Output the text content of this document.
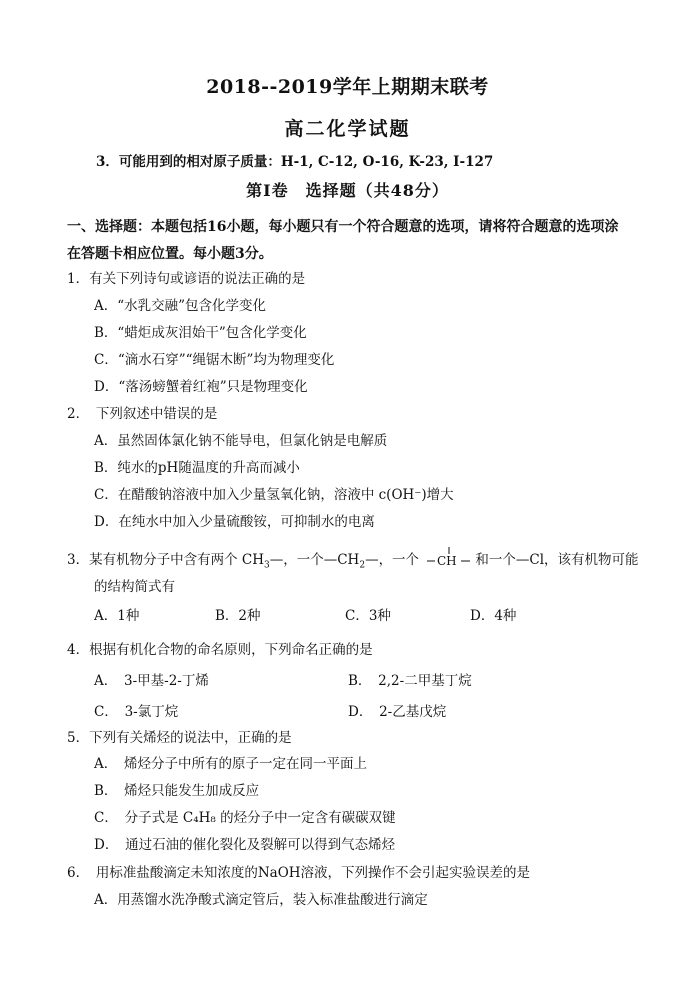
2018--2019学年上期期末联考
高二化学试题
3．可能用到的相对原子质量：H-1, C-12, O-16, K-23, I-127
第Ⅰ卷　选择题（共48分）
一、选择题：本题包括16小题，每小题只有一个符合题意的选项，请将符合题意的选项涂
在答题卡相应位置。每小题3分。
1．有关下列诗句或谚语的说法正确的是
A．“水乳交融”包含化学变化
B．“蜡炬成灰泪始干”包含化学变化
C．“滴水石穿”“绳锯木断”均为物理变化
D．“落汤螃蟹着红袍”只是物理变化
2．　下列叙述中错误的是
A．虽然固体氯化钠不能导电，但氯化钠是电解质
B．纯水的pH随温度的升高而减小
C．在醋酸钠溶液中加入少量氢氧化钠，溶液中 c(OH⁻)增大
D．在纯水中加入少量硫酸铵，可抑制水的电离
3．某有机物分子中含有两个 $CH_3—$，一个$—CH_2—$，一个 CH 和一个—Cl，该有机物可能
的结构简式有
A．1种	B．2种	C．3种	D．4种
4．根据有机化合物的命名原则，下列命名正确的是
A．　3-甲基-2-丁烯	B．　2,2-二甲基丁烷
C．　3-氯丁烷	D．　2-乙基戊烷
5．下列有关烯烃的说法中，正确的是
A．　烯烃分子中所有的原子一定在同一平面上
B．　烯烃只能发生加成反应
C．　分子式是 C₄H₈ 的烃分子中一定含有碳碳双键
D．　通过石油的催化裂化及裂解可以得到气态烯烃
6．　用标准盐酸滴定未知浓度的NaOH溶液，下列操作不会引起实验误差的是
A．用蒸馏水洗净酸式滴定管后，装入标准盐酸进行滴定
